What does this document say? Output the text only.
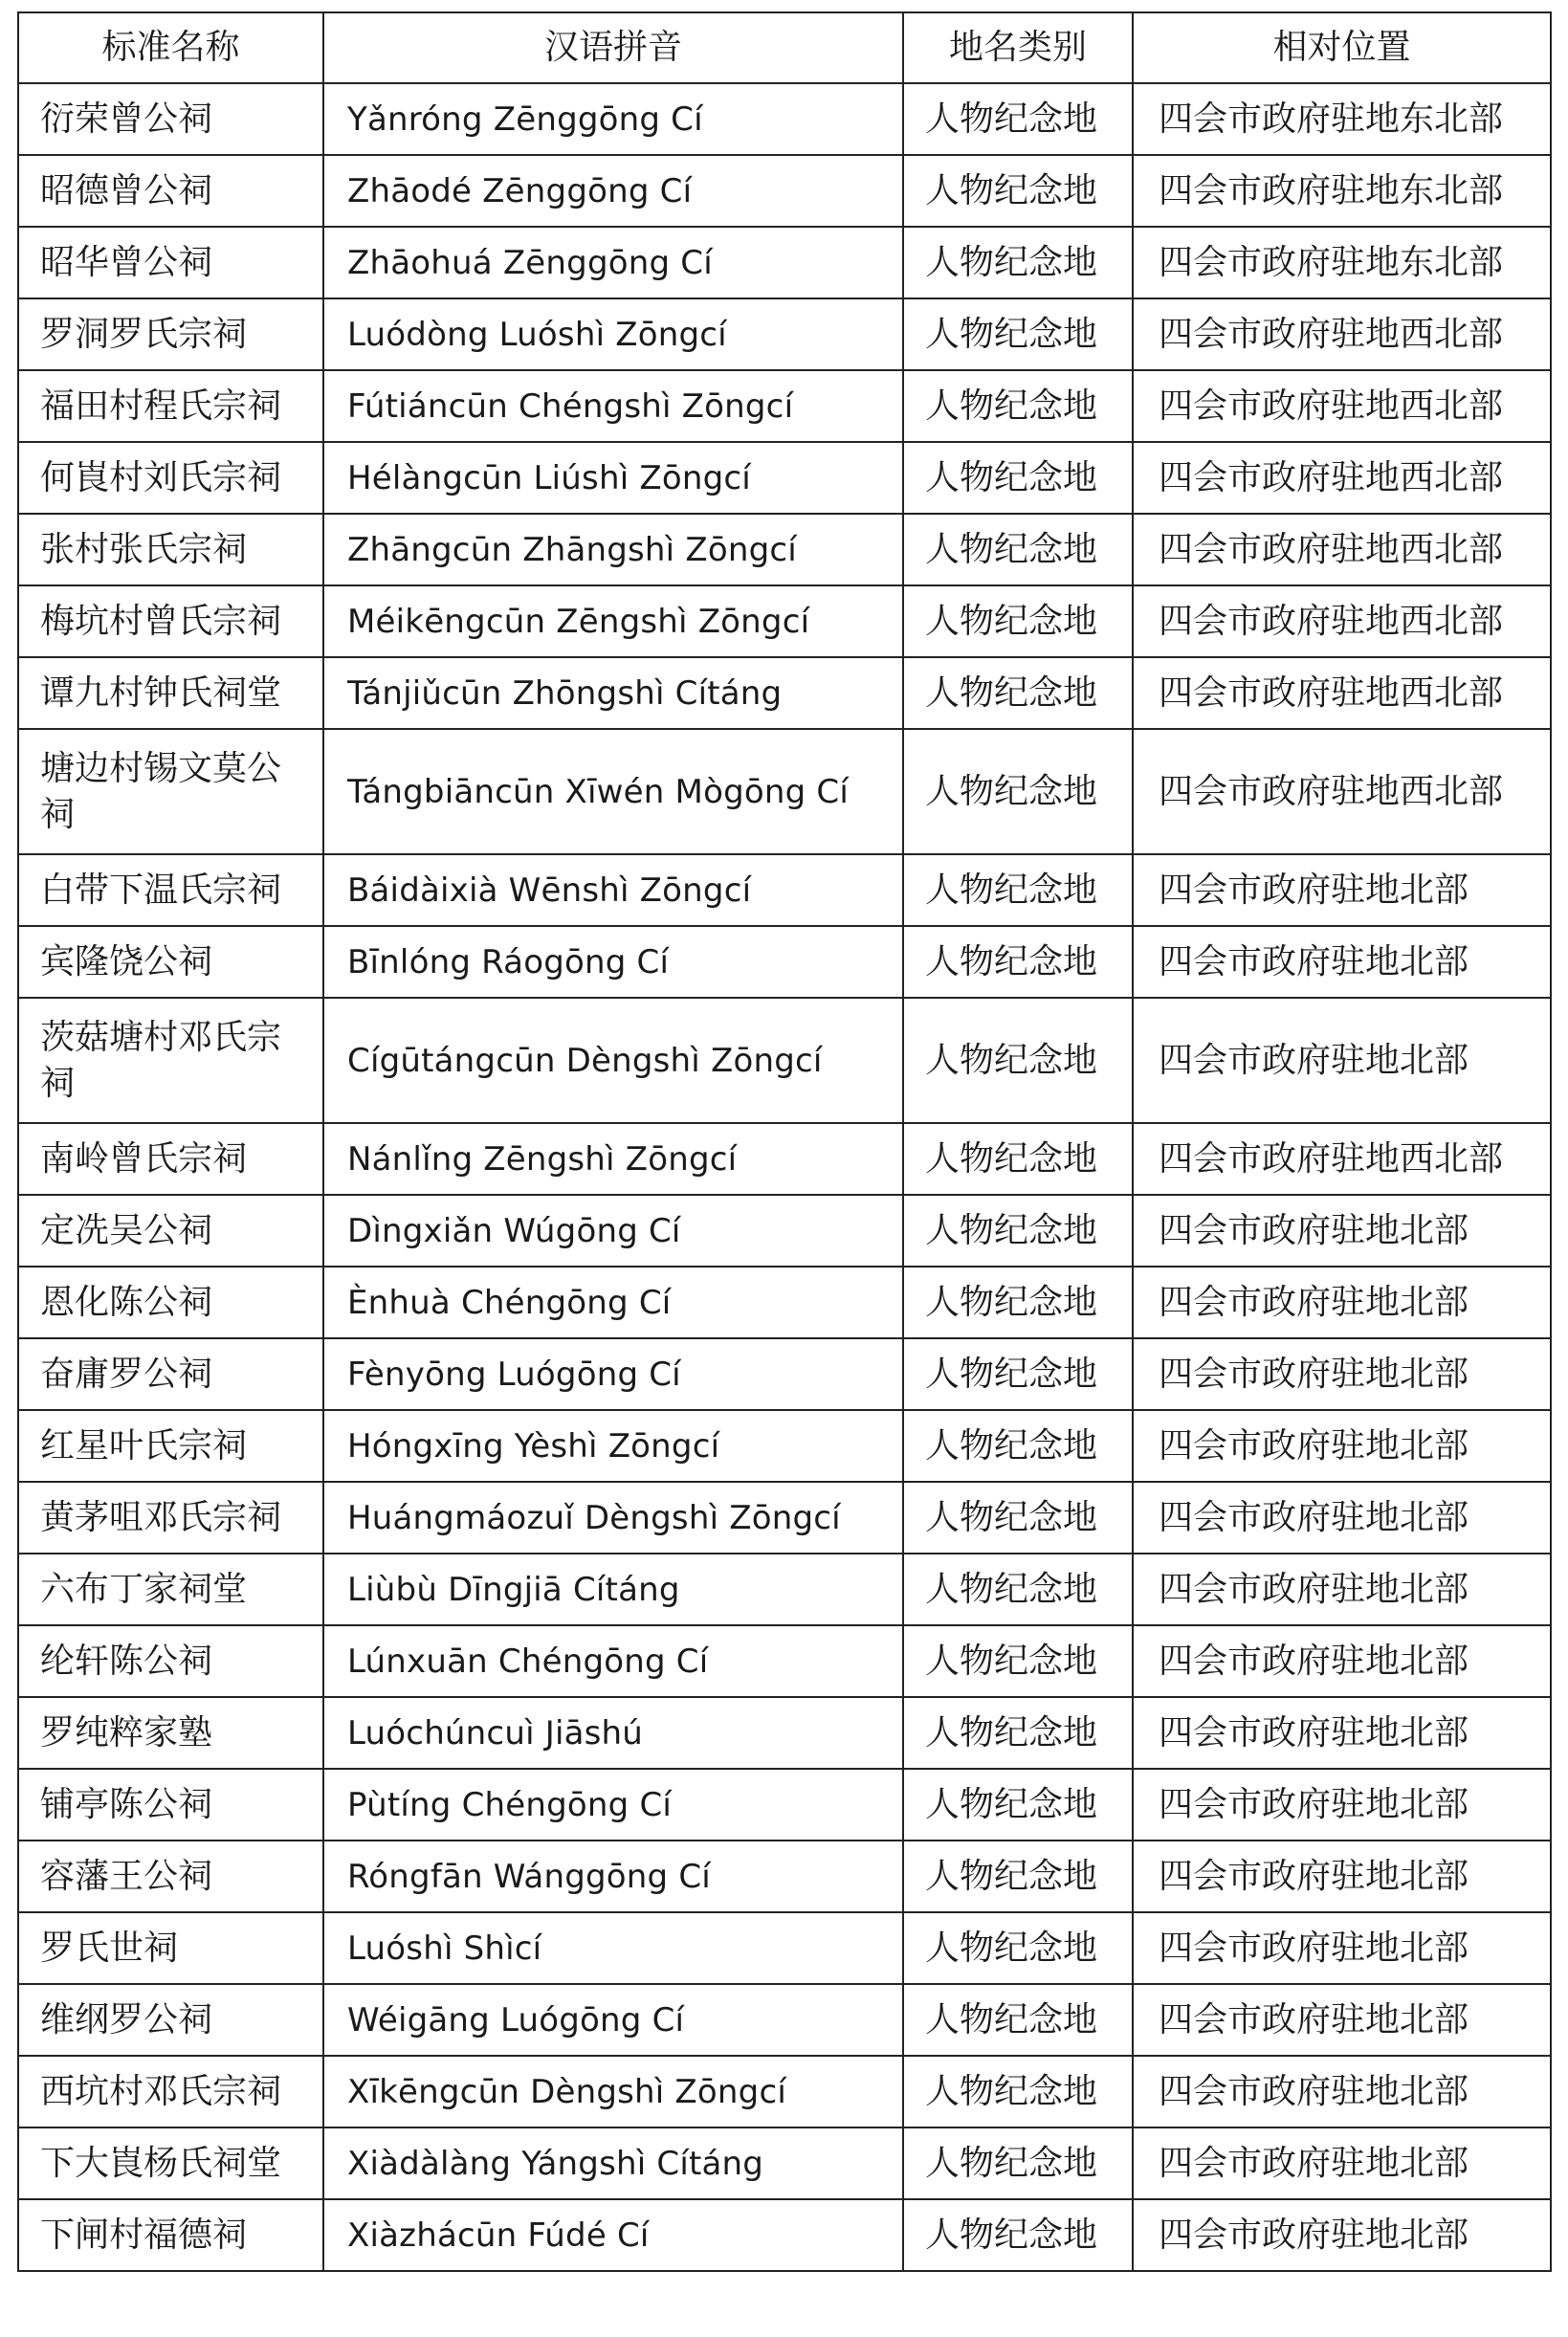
标准名称	汉语拼音	地名类别	相对位置
衍荣曾公祠	Yǎnróng Zēnggōng Cí	人物纪念地	四会市政府驻地东北部
昭德曾公祠	Zhāodé Zēnggōng Cí	人物纪念地	四会市政府驻地东北部
昭华曾公祠	Zhāohuá Zēnggōng Cí	人物纪念地	四会市政府驻地东北部
罗洞罗氏宗祠	Luódòng Luóshì Zōngcí	人物纪念地	四会市政府驻地西北部
福田村程氏宗祠	Fútiáncūn Chéngshì Zōngcí	人物纪念地	四会市政府驻地西北部
何崀村刘氏宗祠	Hélàngcūn Liúshì Zōngcí	人物纪念地	四会市政府驻地西北部
张村张氏宗祠	Zhāngcūn Zhāngshì Zōngcí	人物纪念地	四会市政府驻地西北部
梅坑村曾氏宗祠	Méikēngcūn Zēngshì Zōngcí	人物纪念地	四会市政府驻地西北部
谭九村钟氏祠堂	Tánjiǔcūn Zhōngshì Cítáng	人物纪念地	四会市政府驻地西北部
塘边村锡文莫公祠	Tángbiāncūn Xīwén Mògōng Cí	人物纪念地	四会市政府驻地西北部
白带下温氏宗祠	Báidàixià Wēnshì Zōngcí	人物纪念地	四会市政府驻地北部
宾隆饶公祠	Bīnlóng Ráogōng Cí	人物纪念地	四会市政府驻地北部
茨菇塘村邓氏宗祠	Cígūtángcūn Dèngshì Zōngcí	人物纪念地	四会市政府驻地北部
南岭曾氏宗祠	Nánlǐng Zēngshì Zōngcí	人物纪念地	四会市政府驻地西北部
定冼吴公祠	Dìngxiǎn Wúgōng Cí	人物纪念地	四会市政府驻地北部
恩化陈公祠	Ènhuà Chéngōng Cí	人物纪念地	四会市政府驻地北部
奋庸罗公祠	Fènyōng Luógōng Cí	人物纪念地	四会市政府驻地北部
红星叶氏宗祠	Hóngxīng Yèshì Zōngcí	人物纪念地	四会市政府驻地北部
黄茅咀邓氏宗祠	Huángmáozuǐ Dèngshì Zōngcí	人物纪念地	四会市政府驻地北部
六布丁家祠堂	Liùbù Dīngjiā Cítáng	人物纪念地	四会市政府驻地北部
纶轩陈公祠	Lúnxuān Chéngōng Cí	人物纪念地	四会市政府驻地北部
罗纯粹家塾	Luóchúncuì Jiāshú	人物纪念地	四会市政府驻地北部
铺亭陈公祠	Pùtíng Chéngōng Cí	人物纪念地	四会市政府驻地北部
容藩王公祠	Róngfān Wánggōng Cí	人物纪念地	四会市政府驻地北部
罗氏世祠	Luóshì Shìcí	人物纪念地	四会市政府驻地北部
维纲罗公祠	Wéigāng Luógōng Cí	人物纪念地	四会市政府驻地北部
西坑村邓氏宗祠	Xīkēngcūn Dèngshì Zōngcí	人物纪念地	四会市政府驻地北部
下大崀杨氏祠堂	Xiàdàlàng Yángshì Cítáng	人物纪念地	四会市政府驻地北部
下闸村福德祠	Xiàzhácūn Fúdé Cí	人物纪念地	四会市政府驻地北部
